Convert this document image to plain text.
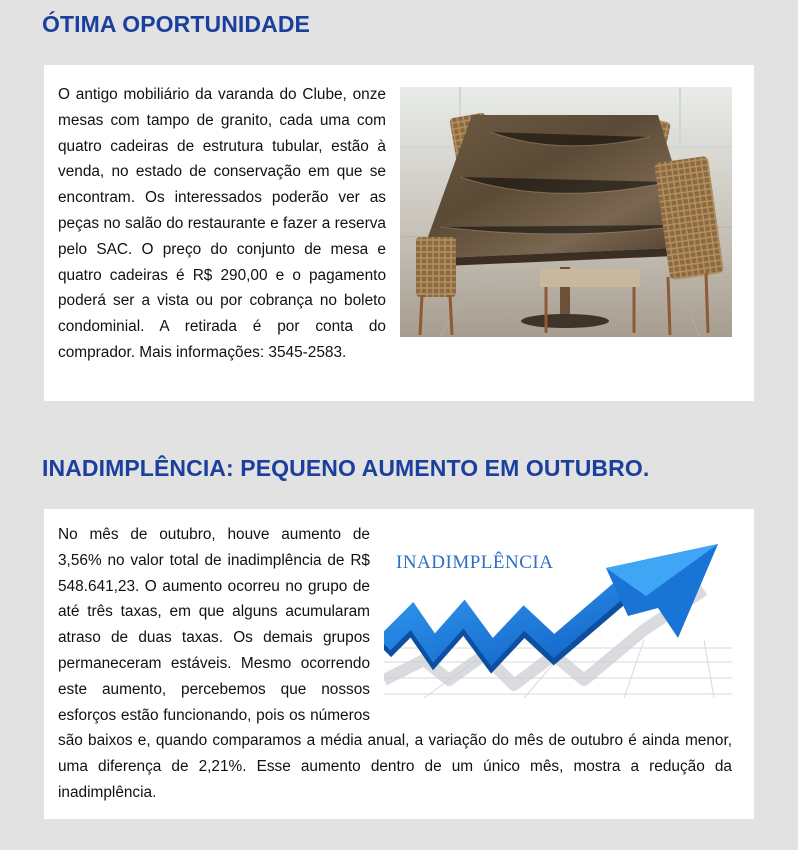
ÓTIMA OPORTUNIDADE

O antigo mobiliário da varanda do Clube, onze mesas com tampo de granito, cada uma com quatro cadeiras de estrutura tubular, estão à venda, no estado de conservação em que se encontram. Os interessados poderão ver as peças no salão do restaurante e fazer a reserva pelo SAC. O preço do conjunto de mesa e quatro cadeiras é R$ 290,00 e o pagamento poderá ser a vista ou por cobrança no boleto condominial. A retirada é por conta do comprador. Mais informações: 3545-2583.

INADIMPLÊNCIA: PEQUENO AUMENTO EM OUTUBRO.
INADIMPLÊNCIA

No mês de outubro, houve aumento de 3,56% no valor total de inadimplência de R$ 548.641,23. O aumento ocorreu no grupo de até três taxas, em que alguns acumularam atraso de duas taxas. Os demais grupos permaneceram estáveis. Mesmo ocorrendo este aumento, percebemos que nossos esforços estão funcionando, pois os números são baixos e, quando comparamos a média anual, a variação do mês de outubro é ainda menor, uma diferença de 2,21%. Esse aumento dentro de um único mês, mostra a redução da inadimplência.
